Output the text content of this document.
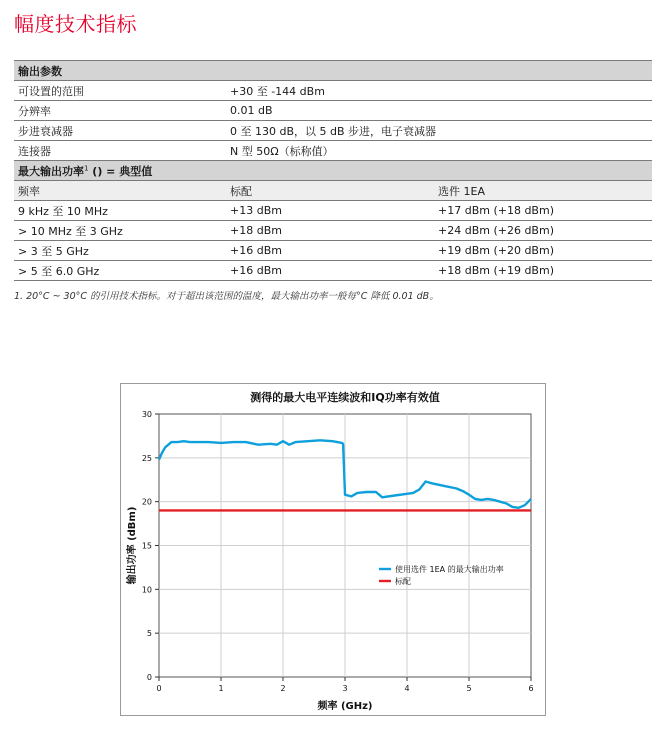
幅度技术指标
输出参数
可设置的范围	+30 至 -144 dBm
分辨率	0.01 dB
步进衰减器	0 至 130 dB，以 5 dB 步进，电子衰减器
连接器	N 型 50Ω（标称值）
最大输出功率$^1$ () = 典型值
频率	标配	选件 1EA
9 kHz 至 10 MHz	+13 dBm	+17 dBm (+18 dBm)
> 10 MHz 至 3 GHz	+18 dBm	+24 dBm (+26 dBm)
> 3 至 5 GHz	+16 dBm	+19 dBm (+20 dBm)
> 5 至 6.0 GHz	+16 dBm	+18 dBm (+19 dBm)
1. 20°C ~ 30°C 的引用技术指标。对于超出该范围的温度，最大输出功率一般每°C 降低 0.01 dB。
测得的最大电平连续波和IQ功率有效值
0
5
10
15
20
25
30
0	1	2	3	4	5	6
频率 (GHz)
输出功率 (dBm)	使用选件 1EA 的最大输出功率
标配
